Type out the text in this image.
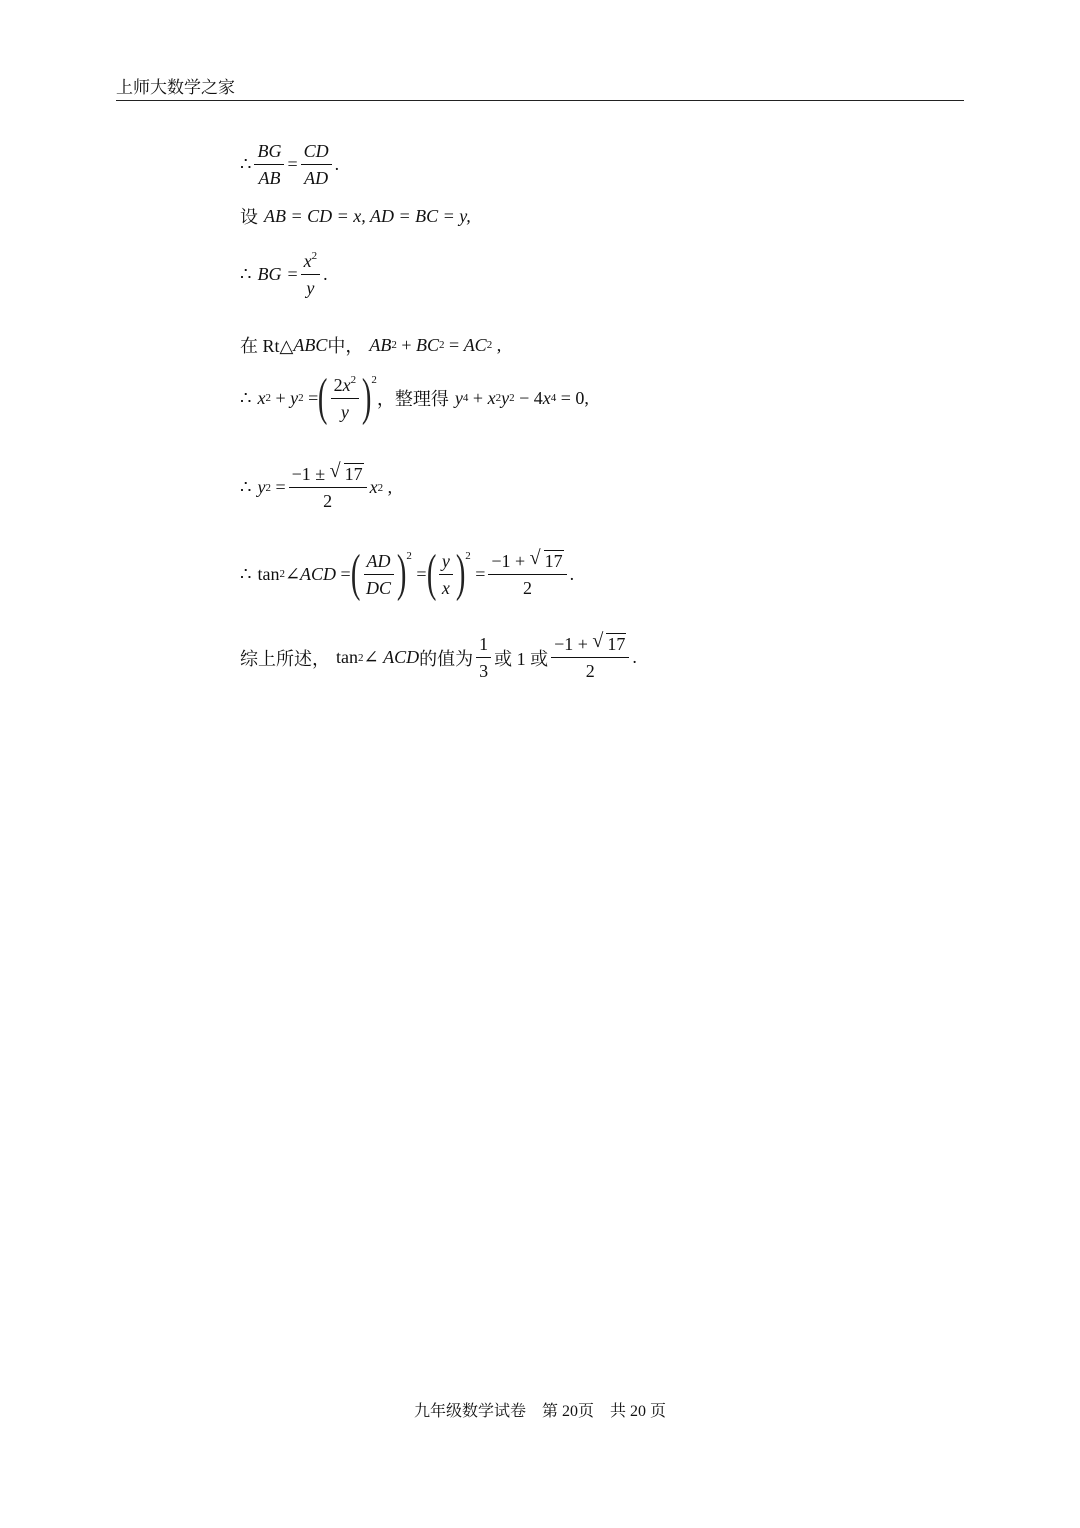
上师大数学之家
∴ $\frac{BG}{AB} = \frac{CD}{AD}$ .
设 AB = CD = x, AD = BC = y,
∴ BG = $\frac{x^2}{y}$ .
在 Rt△ ABC 中， AB 2 + BC 2 = AC 2 ,
∴ x 2 + y 2 = ( $\frac{2x^2}{y}$ ) 2
，整理得 y 4 + x 2 y 2 − 4 x 4 = 0,
∴ y $2 = \frac{-1 \pm √ 17}{2}$ x 2 ,
∴ tan 2 ∠ ACD = ( $\frac{AD}{DC}$ ) 2
= ( $\frac{y}{x}$ ) 2
= $\frac{-1 + √ 17}{2}$ .
综上所述， tan 2 ∠ ACD 的值为 $\frac{1}{3}$ 或 1 或 $\frac{-1 + √ 17}{2}$ .
九年级数学试卷　第 20页　共 20 页
